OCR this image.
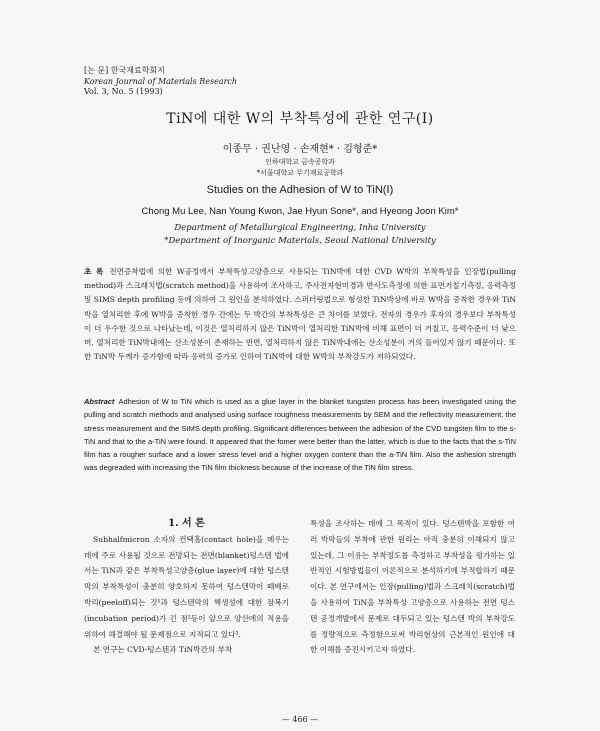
[논 문] 한국재료학회지
Korean Journal of Materials Research
Vol. 3, No. 5 (1993)
TiN에 대한 W의 부착특성에 관한 연구(Ⅰ)
이종무 · 권난영 · 손재현* · 김형준*
인하대학교 금속공학과
*서울대학교 무기재료공학과
Studies on the Adhesion of W to TiN(Ⅰ)
Chong Mu Lee, Nan Young Kwon, Jae Hyun Sone*, and Hyeong Joon Kim*
Department of Metallurgical Engineering, Inha University
*Department of Inorganic Materials, Seoul National University
초 록 전면증착법에 의한 W공정에서 부착특성고양층으로 사용되는 TiN박에 대한 CVD W박의 부착특성을 인장법(pulling method)과 스크래치법(scratch method)을 사용하여 조사하고, 주사전자현미경과 반사도측정에 의한 표면거칠기측정, 응력측정 및 SIMS depth profiling 등에 의하여 그 원인을 분석하였다. 스퍼터링법으로 형성한 TiN박상에 바로 W박을 증착한 경우와 TiN박을 열처리한 후에 W박을 증착한 경우 간에는 두 박간의 부착특성은 큰 차이를 보였다. 전자의 경우가 후자의 경우보다 부착특성이 더 우수한 것으로 나타났는데, 이것은 열처리하지 않은 TiN박이 열처리한 TiN박에 비해 표면이 더 거칠고, 응력수준이 더 낮으며, 열처리한 TiN박내에는 산소성분이 존재하는 반면, 열처리하지 않은 TiN박내에는 산소성분이 거의 들어있지 않기 때문이다. 또한 TiN박 두께가 증가함에 따라 응력의 증가로 인하여 TiN박에 대한 W박의 부착강도가 저하되었다.
Abstract Adhesion of W to TiN which is used as a glue layer in the blanket tungsten process has been investigated using the pulling and scratch methods and analysed using surface roughness measurements by SEM and the reflectivity measurement, the stress measurement and the SIMS depth profiling. Significant differences between the adhesion of the CVD tungsten film to the s-TiN and that to the a-TiN were found. It appeared that the fomer were better than the latter, which is due to the facts that the s-TiN film has a rougher surface and a lower stress level and a higher oxygen content than the a-TiN film. Also the ashesion strength was degreaded with increasing the TiN film thickness because of the increase of the TiN film stress.

1. 서 론

Subhalfmicron 소자의 컨택홀(contact hole)을 메우는 데에 주로 사용될 것으로 전망되는 전면(blanket)텅스텐 법에서는 TiN과 같은 부착특성고양층(glue layer)에 대한 텅스텐 막의 부착특성이 충분히 양호하지 못하여 텅스텐막이 떼배로 박리(peeloff)되는 것¹과 텅스텐막의 핵생성에 대한 잠복기(incubation period)가 긴 점²등이 앞으로 양산에의 적용을 위하여 해결해야 될 문제점으로 지적되고 있다³.

본 연구는 CVD-텅스텐과 TiN박간의 부착

특성을 조사하는 데에 그 목적이 있다. 텅스텐박을 포함한 여러 박막들의 부착에 관한 원리는 아직 충분히 이해되지 않고 있는데, 그 이유는 부착정도를 측정하고 부착성을 평가하는 일반적인 시험방법들이 이론적으로 분석하기에 부적합하기 때문이다. 본 연구에서는 인장(pulling)법과 스크래치(scratch)법을 사용하여 TiN을 부착특성 고양층으로 사용하는 전면 텅스텐 공정개발에서 문제로 대두되고 있는 텅스텐 박의 부착강도를 정량적으로 측정함으로써 박리현상의 근본적인 원인에 대한 이해를 증진시키고자 하였다.

— 466 —
